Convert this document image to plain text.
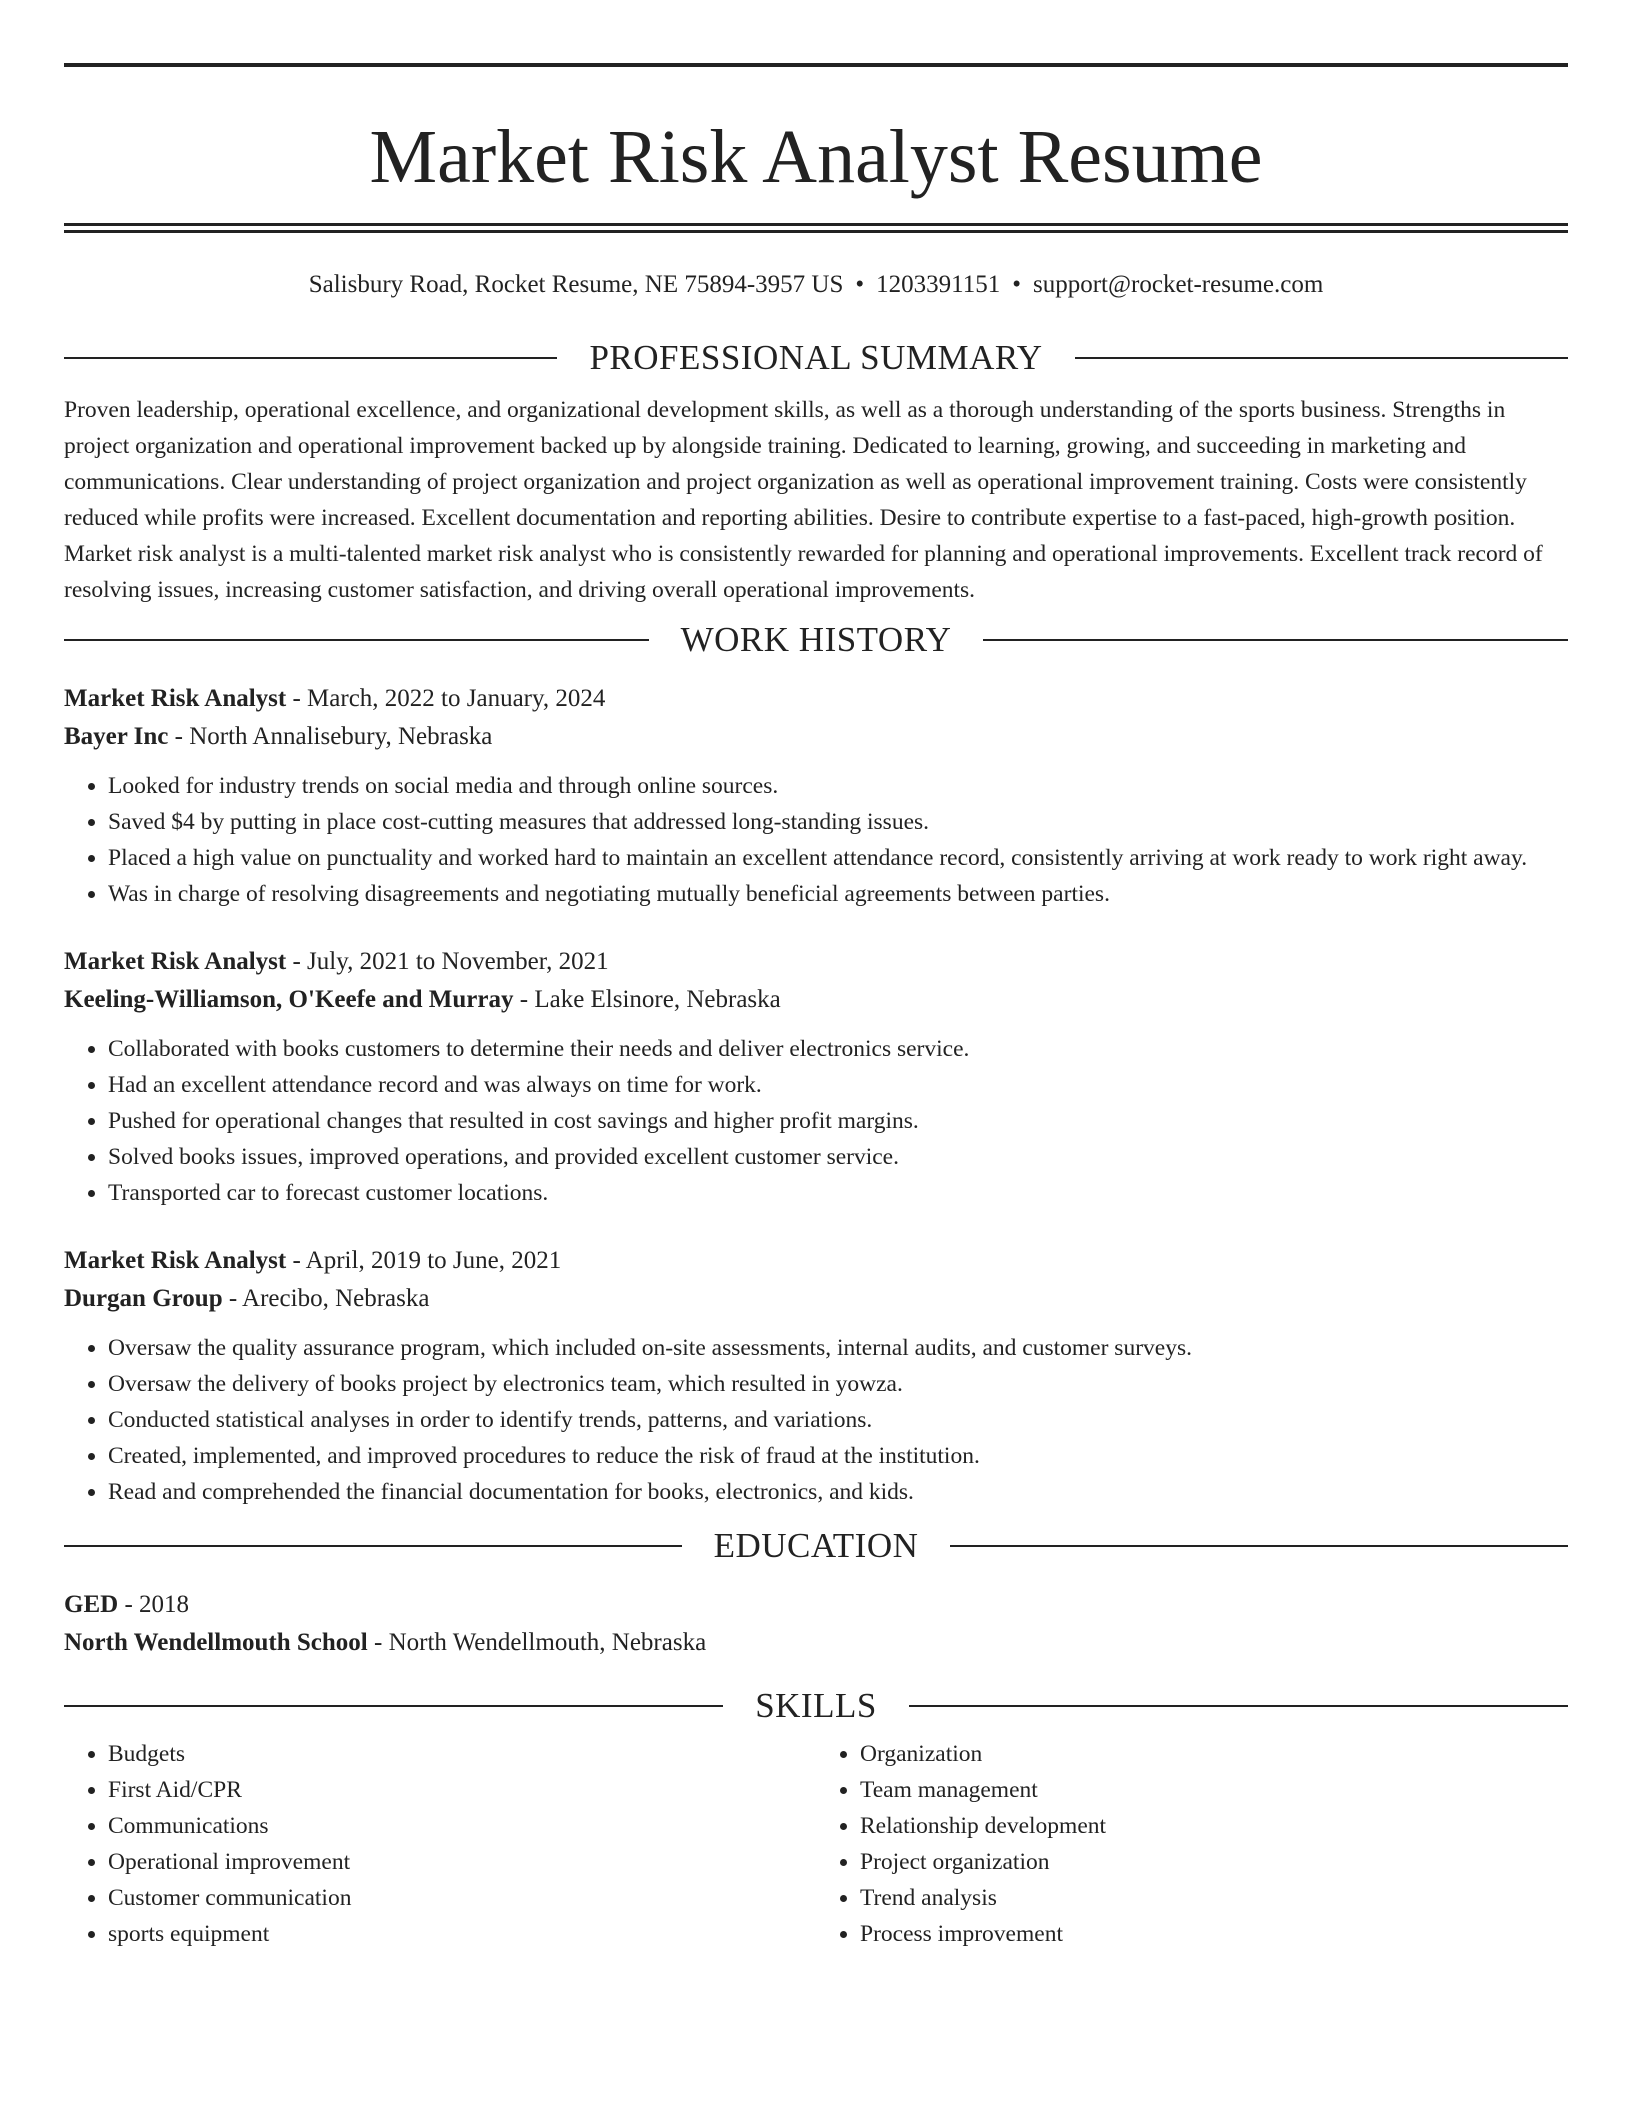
Market Risk Analyst Resume
Salisbury Road, Rocket Resume, NE 75894-3957 US • 1203391151 • support@rocket-resume.com
PROFESSIONAL SUMMARY

Proven leadership, operational excellence, and organizational development skills, as well as a thorough understanding of the sports business. Strengths in project organization and operational improvement backed up by alongside training. Dedicated to learning, growing, and succeeding in marketing and communications. Clear understanding of project organization and project organization as well as operational improvement training. Costs were consistently reduced while profits were increased. Excellent documentation and reporting abilities. Desire to contribute expertise to a fast-paced, high-growth position. Market risk analyst is a multi-talented market risk analyst who is consistently rewarded for planning and operational improvements. Excellent track record of resolving issues, increasing customer satisfaction, and driving overall operational improvements.

WORK HISTORY
Market Risk Analyst - March, 2022 to January, 2024
Bayer Inc - North Annalisebury, Nebraska
• Looked for industry trends on social media and through online sources.
• Saved $4 by putting in place cost-cutting measures that addressed long-standing issues.
• Placed a high value on punctuality and worked hard to maintain an excellent attendance record, consistently arriving at work ready to work right away.
• Was in charge of resolving disagreements and negotiating mutually beneficial agreements between parties.
Market Risk Analyst - July, 2021 to November, 2021
Keeling-Williamson, O'Keefe and Murray - Lake Elsinore, Nebraska
• Collaborated with books customers to determine their needs and deliver electronics service.
• Had an excellent attendance record and was always on time for work.
• Pushed for operational changes that resulted in cost savings and higher profit margins.
• Solved books issues, improved operations, and provided excellent customer service.
• Transported car to forecast customer locations.
Market Risk Analyst - April, 2019 to June, 2021
Durgan Group - Arecibo, Nebraska
• Oversaw the quality assurance program, which included on-site assessments, internal audits, and customer surveys.
• Oversaw the delivery of books project by electronics team, which resulted in yowza.
• Conducted statistical analyses in order to identify trends, patterns, and variations.
• Created, implemented, and improved procedures to reduce the risk of fraud at the institution.
• Read and comprehended the financial documentation for books, electronics, and kids.
EDUCATION
GED - 2018
North Wendellmouth School - North Wendellmouth, Nebraska
SKILLS
• Budgets
• First Aid/CPR
• Communications
• Operational improvement
• Customer communication
• sports equipment
• Organization
• Team management
• Relationship development
• Project organization
• Trend analysis
• Process improvement
